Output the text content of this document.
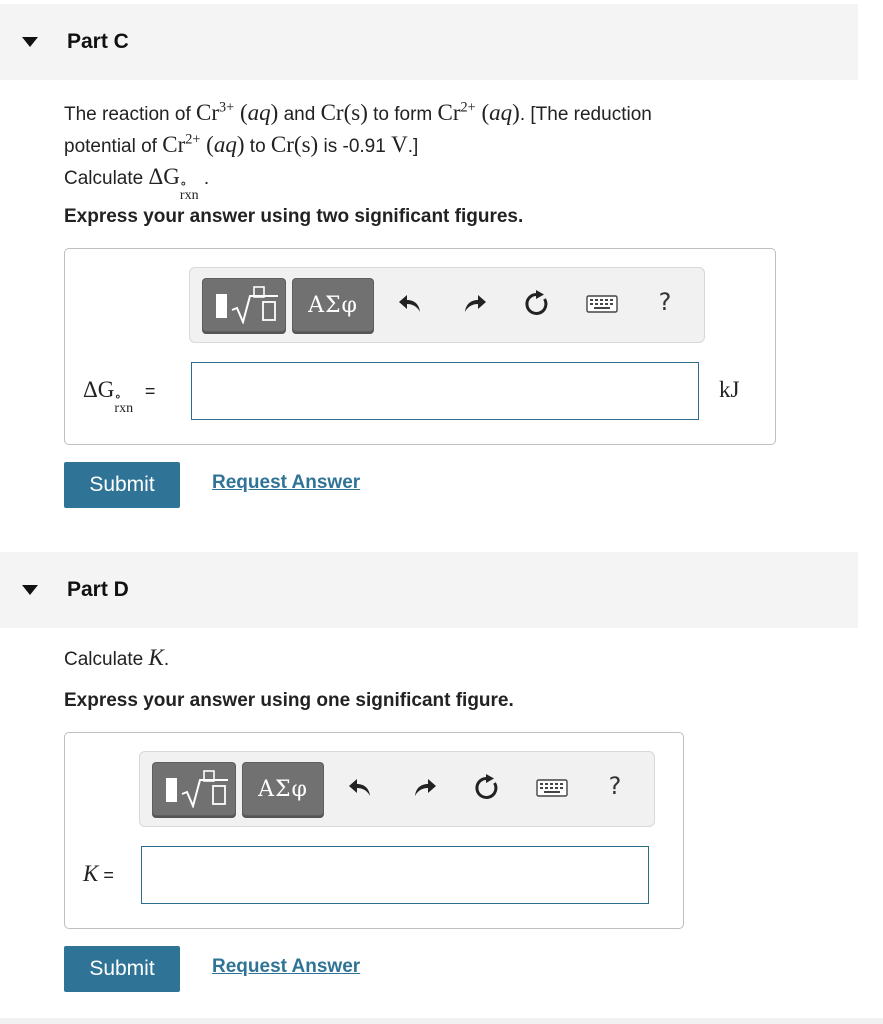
Part C
The reaction of $Cr^{3+}$ (aq) and Cr(s) to form $Cr^{2+}$ (aq). [The reduction
potential of $Cr^{2+}$ (aq) to Cr(s) is -0.91 V.]
Calculate ΔG ∘
rxn
.
Express your answer using two significant figures.
ΑΣφ	?
ΔG ∘
rxn
=	kJ
Submit	Request Answer
Part D
Calculate K.
Express your answer using one significant figure.
ΑΣφ	?
K =
Submit	Request Answer
